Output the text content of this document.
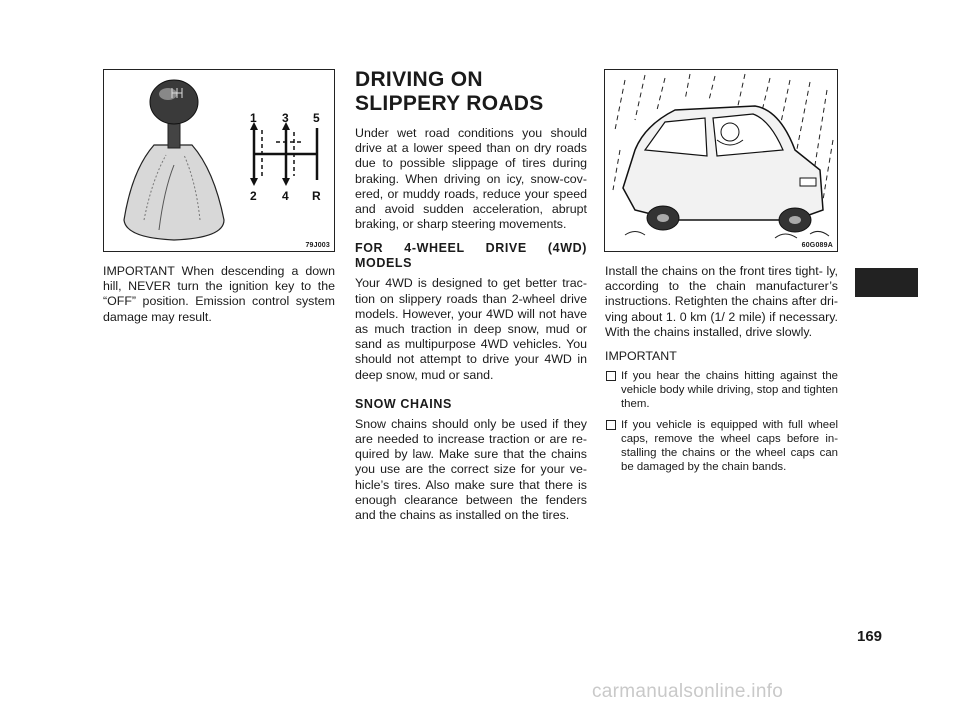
1 3 5
2 4 R
79J003

IMPORTANT When descending a down hill, NEVER turn the ignition key to the “OFF” position. Emission control system damage may result.

DRIVING ON SLIPPERY ROADS

Under wet road conditions you should drive at a lower speed than on dry roads due to possible slippage of tires during braking. When driving on icy, snow-cov- ered, or muddy roads, reduce your speed and avoid sudden acceleration, abrupt braking, or sharp steering movements.

FOR 4-WHEEL DRIVE (4WD) MODELS

Your 4WD is designed to get better trac- tion on slippery roads than 2-wheel drive models. However, your 4WD will not have as much traction in deep snow, mud or sand as multipurpose 4WD vehicles. You should not attempt to drive your 4WD in deep snow, mud or sand.

SNOW CHAINS

Snow chains should only be used if they are needed to increase traction or are re- quired by law. Make sure that the chains you use are the correct size for your ve- hicle’s tires. Also make sure that there is enough clearance between the fenders and the chains as installed on the tires.

60G089A

Install the chains on the front tires tight- ly, according to the chain manufacturer’s instructions. Retighten the chains after dri- ving about 1. 0 km (1/ 2 mile) if necessary. With the chains installed, drive slowly.

IMPORTANT

If you hear the chains hitting against the vehicle body while driving, stop and tighten them.
If you vehicle is equipped with full wheel caps, remove the wheel caps before in- stalling the chains or the wheel caps can be damaged by the chain bands.
169
carmanualsonline.info
